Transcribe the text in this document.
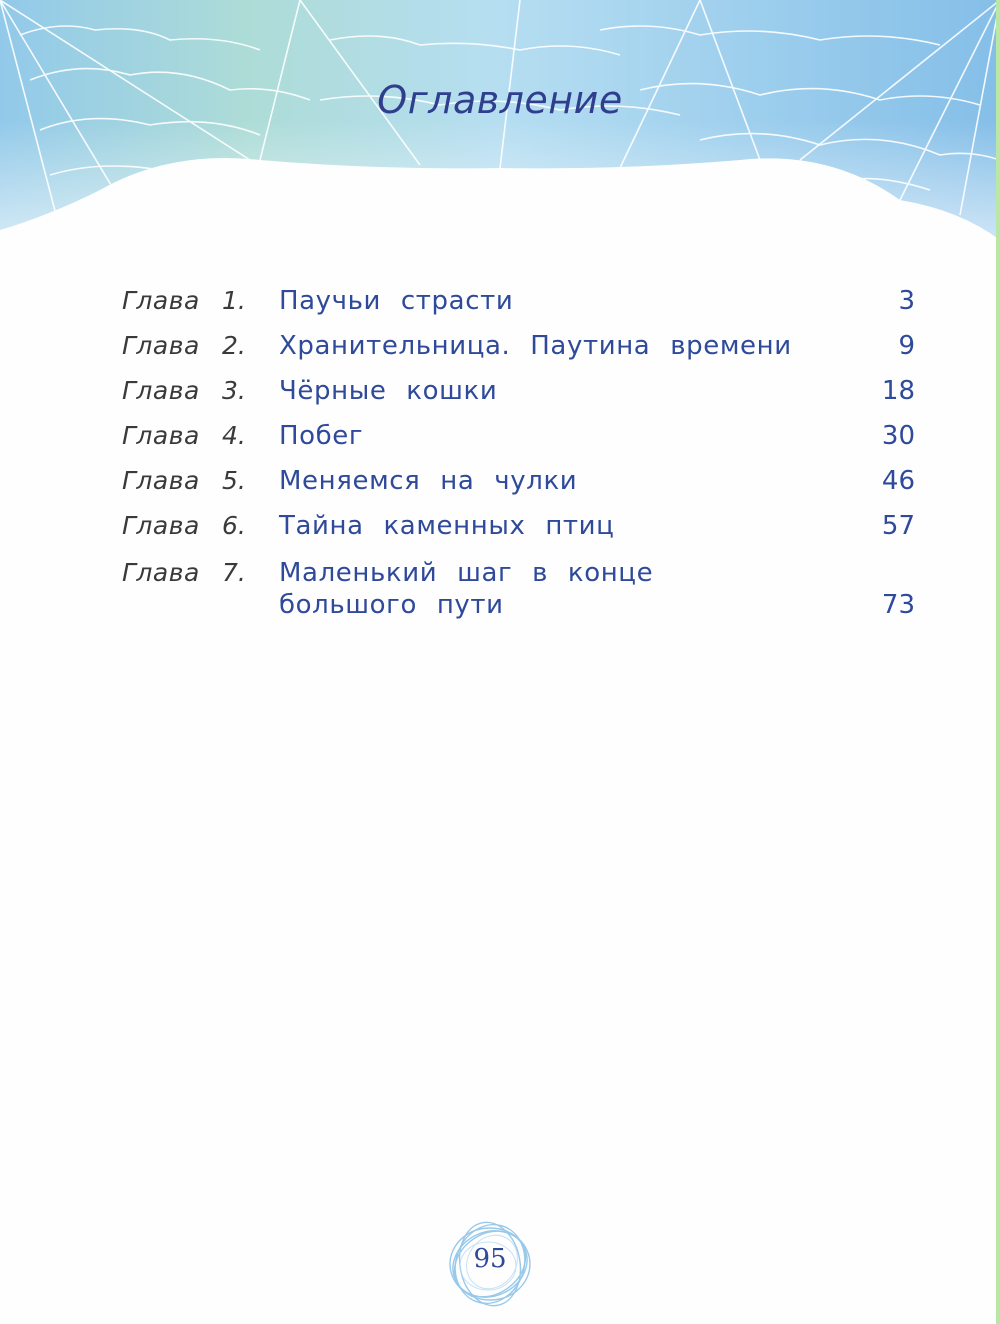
Оглавление
Глава 1. Паучьи страсти	3
Глава 2. Хранительница. Паутина времени	9
Глава 3. Чёрные кошки	18
Глава 4. Побег	30
Глава 5. Меняемся на чулки	46
Глава 6. Тайна каменных птиц	57
Глава 7. Маленький шаг в конце
большого пути	73
95
